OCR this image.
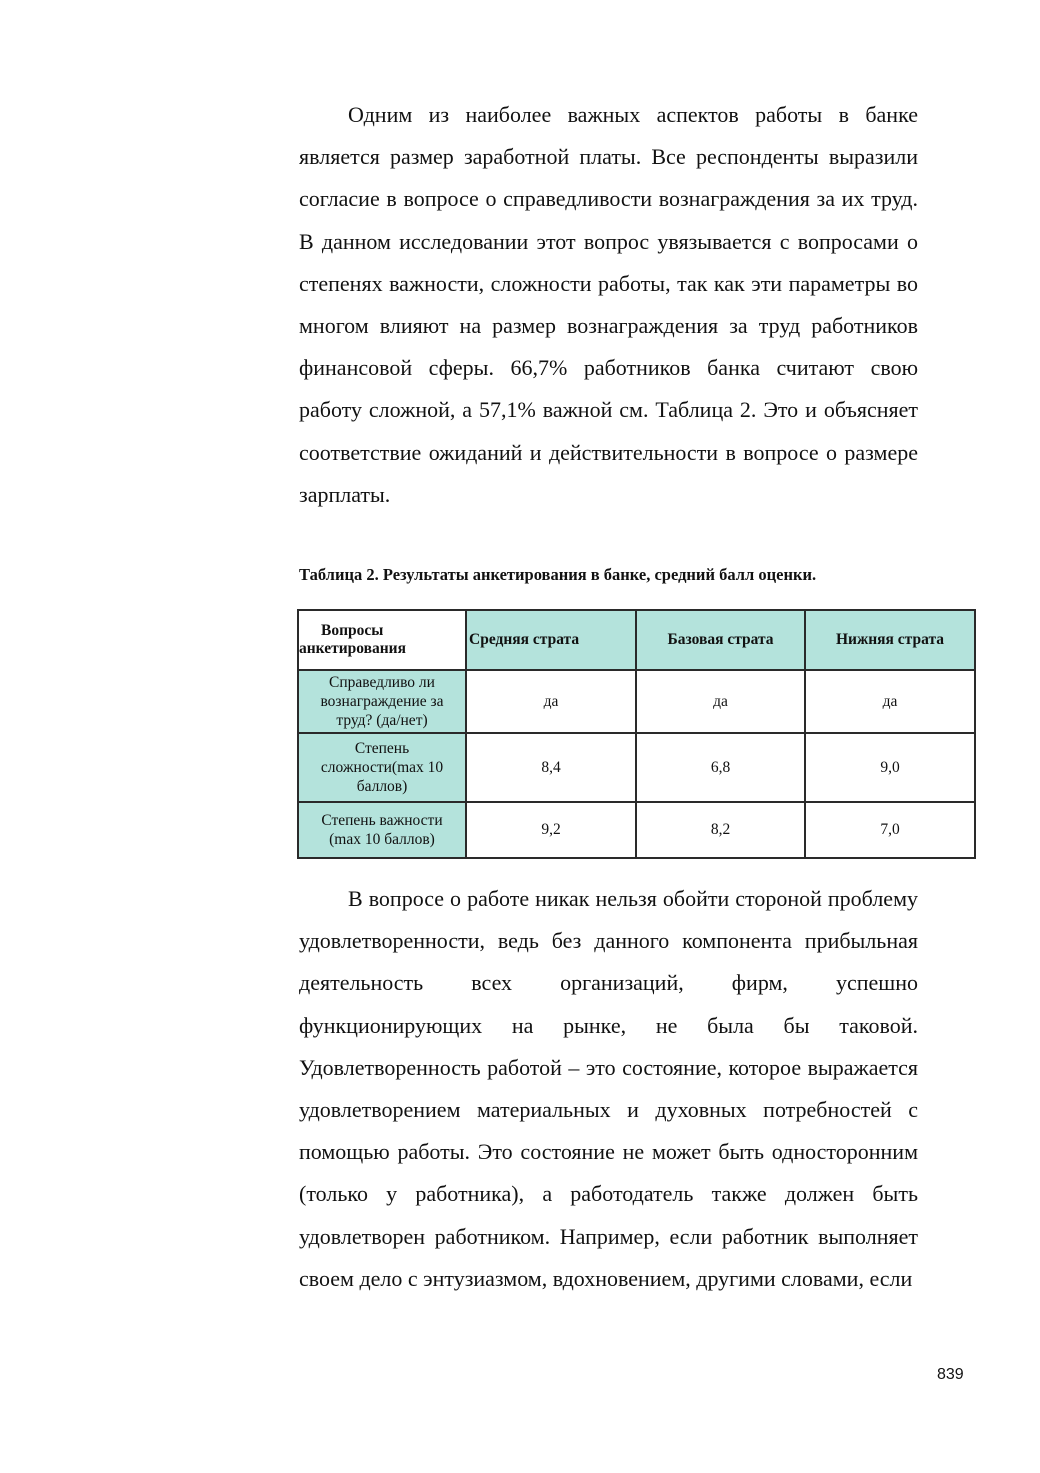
Одним из наиболее важных аспектов работы в банке является размер заработной платы. Все респонденты выразили согласие в вопросе о справедливости вознаграждения за их труд. В данном исследовании этот вопрос увязывается с вопросами о степенях важности, сложности работы, так как эти параметры во многом влияют на размер вознаграждения за труд работников финансовой сферы. 66,7% работников банка считают свою работу сложной, а 57,1% важной см. Таблица 2. Это и объясняет соответствие ожиданий и действительности в вопросе о размере зарплаты.

Таблица 2. Результаты анкетирования в банке, средний балл оценки.

Вопросы
анкетирования	Средняя страта	Базовая страта	Нижняя страта
Справедливо ли
вознаграждение за
труд? (да/нет)	да	да	да
Степень
сложности(max 10
баллов)	8,4	6,8	9,0
Степень важности
(max 10 баллов)	9,2	8,2	7,0

В вопросе о работе никак нельзя обойти стороной проблему удовлетворенности, ведь без данного компонента прибыльная деятельность всех организаций, фирм, успешно функционирующих на рынке, не была бы таковой. Удовлетворенность работой – это состояние, которое выражается удовлетворением материальных и духовных потребностей с помощью работы. Это состояние не может быть односторонним (только у работника), а работодатель также должен быть удовлетворен работником. Например, если работник выполняет своем дело с энтузиазмом, вдохновением, другими словами, если

839
